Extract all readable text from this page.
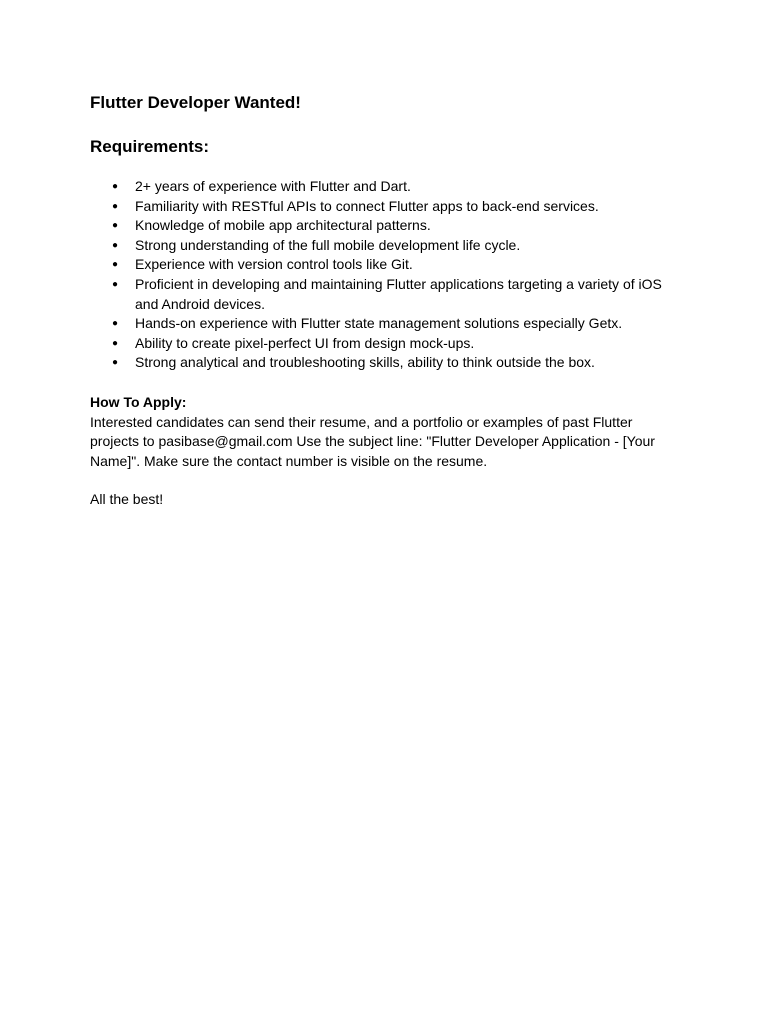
Flutter Developer Wanted!
Requirements:
● 2+ years of experience with Flutter and Dart.
● Familiarity with RESTful APIs to connect Flutter apps to back-end services.
● Knowledge of mobile app architectural patterns.
● Strong understanding of the full mobile development life cycle.
● Experience with version control tools like Git.
● Proficient in developing and maintaining Flutter applications targeting a variety of iOS and Android devices.
● Hands-on experience with Flutter state management solutions especially Getx.
● Ability to create pixel-perfect UI from design mock-ups.
● Strong analytical and troubleshooting skills, ability to think outside the box.

How To Apply:

Interested candidates can send their resume, and a portfolio or examples of past Flutter projects to pasibase@gmail.com Use the subject line: "Flutter Developer Application - [Your Name]". Make sure the contact number is visible on the resume.

All the best!
